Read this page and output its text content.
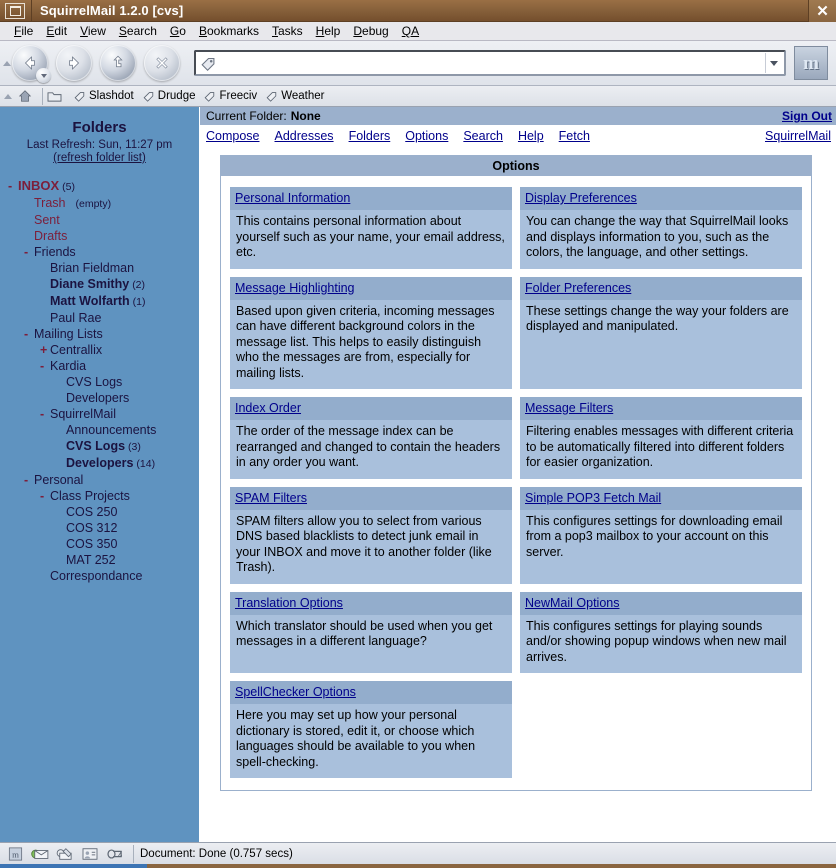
SquirrelMail 1.2.0 [cvs]	✕
File Edit View Search Go Bookmarks Tasks Help Debug QA
m
Slashdot Drudge Freeciv Weather
Folders
Last Refresh: Sun, 11:27 pm
(refresh folder list)
- INBOX (5)
Trash (empty)
Sent
Drafts
- Friends
Brian Fieldman
Diane Smithy (2)
Matt Wolfarth (1)
Paul Rae
- Mailing Lists
+ Centrallix
- Kardia
CVS Logs
Developers
- SquirrelMail
Announcements
CVS Logs (3)
Developers (14)
- Personal
- Class Projects
COS 250
COS 312
COS 350
MAT 252
Correspondance
Current Folder: None	Sign Out
Compose Addresses Folders Options Search Help Fetch	SquirrelMail
Options
Personal Information
This contains personal information about yourself such as your name, your email address, etc.
Display Preferences
You can change the way that SquirrelMail looks and displays information to you, such as the colors, the language, and other settings.
Message Highlighting
Based upon given criteria, incoming messages can have different background colors in the message list. This helps to easily distinguish who the messages are from, especially for mailing lists.
Folder Preferences
These settings change the way your folders are displayed and manipulated.
Index Order
The order of the message index can be rearranged and changed to contain the headers in any order you want.
Message Filters
Filtering enables messages with different criteria to be automatically filtered into different folders for easier organization.
SPAM Filters
SPAM filters allow you to select from various DNS based blacklists to detect junk email in your INBOX and move it to another folder (like Trash).
Simple POP3 Fetch Mail
This configures settings for downloading email from a pop3 mailbox to your account on this server.
Translation Options
Which translator should be used when you get messages in a different language?
NewMail Options
This configures settings for playing sounds and/or showing popup windows when new mail arrives.
SpellChecker Options
Here you may set up how your personal dictionary is stored, edit it, or choose which languages should be available to you when spell-checking.
m	Z Document: Done (0.757 secs)
